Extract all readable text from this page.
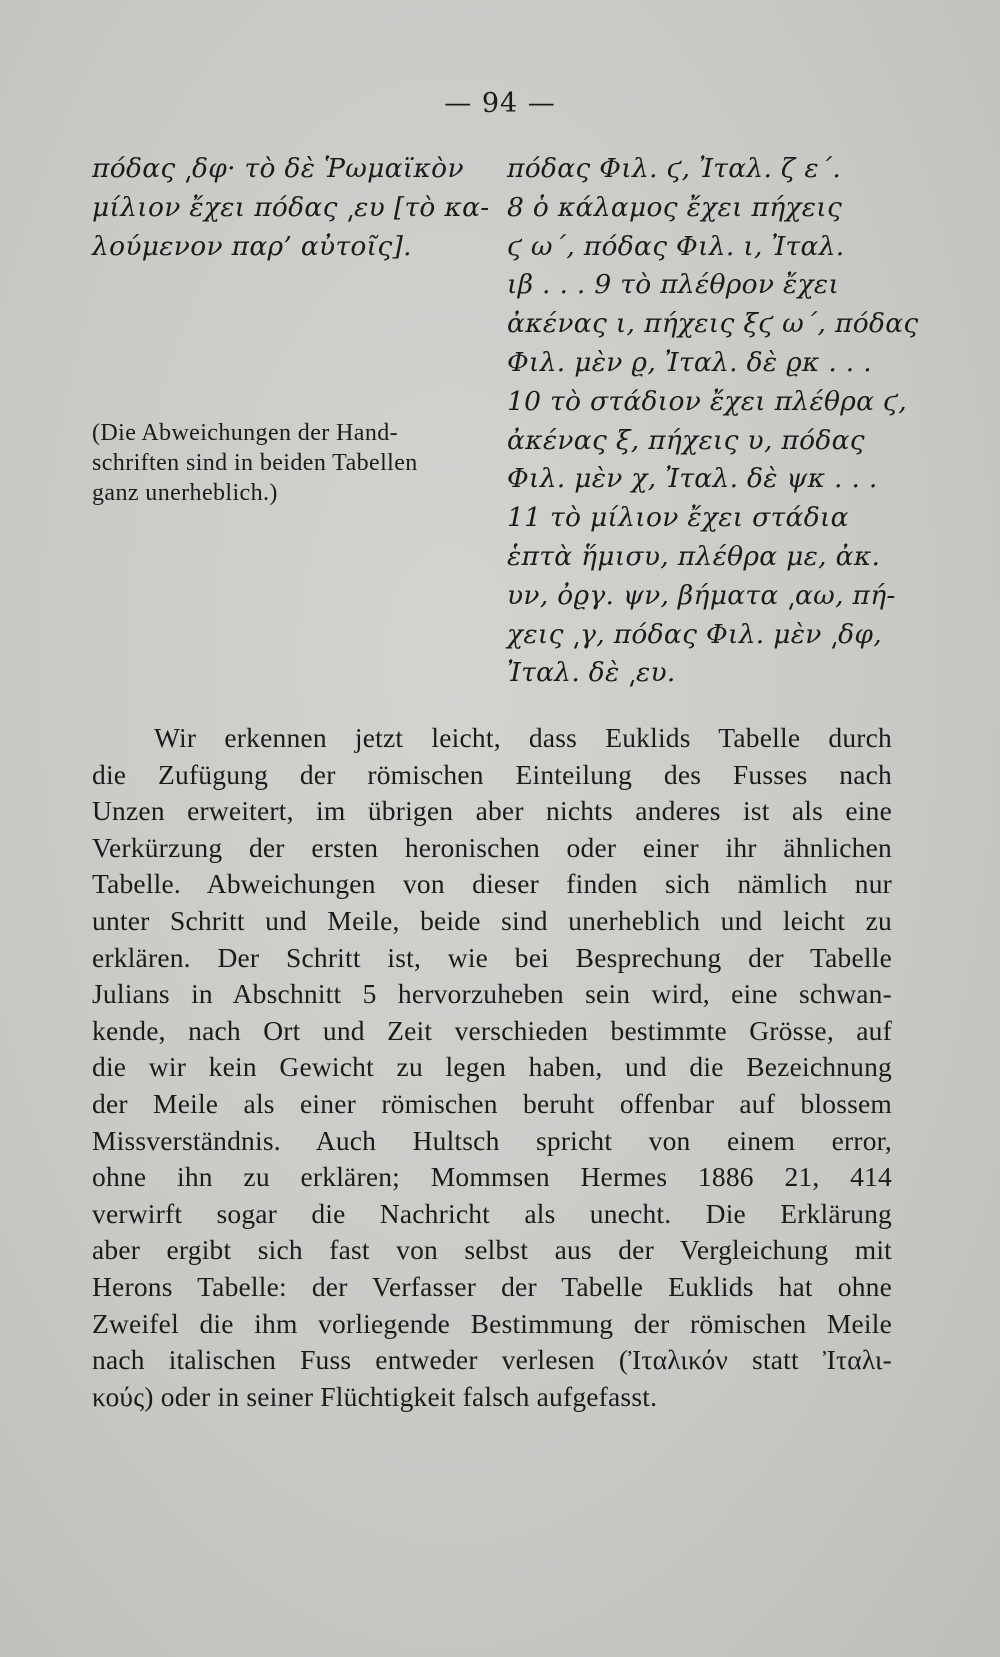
— 94 —
πόδας ͵δφ· τὸ δὲ Ῥωμαϊκὸν
μίλιον ἔχει πόδας ͵ευ [τὸ κα-
λούμενον παρ’ αὐτοῖς].
(Die Abweichungen der Hand-
schriften sind in beiden Tabellen
ganz unerheblich.)
πόδας Φιλ. ϛ, Ἰταλ. ζ ε΄.
8 ὁ κάλαμος ἔχει πήχεις
ϛ ω΄, πόδας Φιλ. ι, Ἰταλ.
ιβ . . . 9 τὸ πλέθρον ἔχει
ἀκένας ι, πήχεις ξϛ ω΄, πόδας
Φιλ. μὲν ϱ, Ἰταλ. δὲ ϱκ . . .
10 τὸ στάδιον ἔχει πλέθρα ϛ,
ἀκένας ξ, πήχεις υ, πόδας
Φιλ. μὲν χ, Ἰταλ. δὲ ψκ . . .
11 τὸ μίλιον ἔχει στάδια
ἑπτὰ ἥμισυ, πλέθρα με, ἀκ.
υν, ὀϱγ. ψν, βήματα ͵αω, πή-
χεις ͵γ, πόδας Φιλ. μὲν ͵δφ,
Ἰταλ. δὲ ͵ευ.
Wir erkennen jetzt leicht, dass Euklids Tabelle durch
die Zufügung der römischen Einteilung des Fusses nach
Unzen erweitert, im übrigen aber nichts anderes ist als eine
Verkürzung der ersten heronischen oder einer ihr ähnlichen
Tabelle. Abweichungen von dieser finden sich nämlich nur
unter Schritt und Meile, beide sind unerheblich und leicht zu
erklären. Der Schritt ist, wie bei Besprechung der Tabelle
Julians in Abschnitt 5 hervorzuheben sein wird, eine schwan-
kende, nach Ort und Zeit verschieden bestimmte Grösse, auf
die wir kein Gewicht zu legen haben, und die Bezeichnung
der Meile als einer römischen beruht offenbar auf blossem
Missverständnis. Auch Hultsch spricht von einem error,
ohne ihn zu erklären; Mommsen Hermes 1886 21, 414
verwirft sogar die Nachricht als unecht. Die Erklärung
aber ergibt sich fast von selbst aus der Vergleichung mit
Herons Tabelle: der Verfasser der Tabelle Euklids hat ohne
Zweifel die ihm vorliegende Bestimmung der römischen Meile
nach italischen Fuss entweder verlesen (Ἰταλικόν statt Ἰταλι-
κούς) oder in seiner Flüchtigkeit falsch aufgefasst.
